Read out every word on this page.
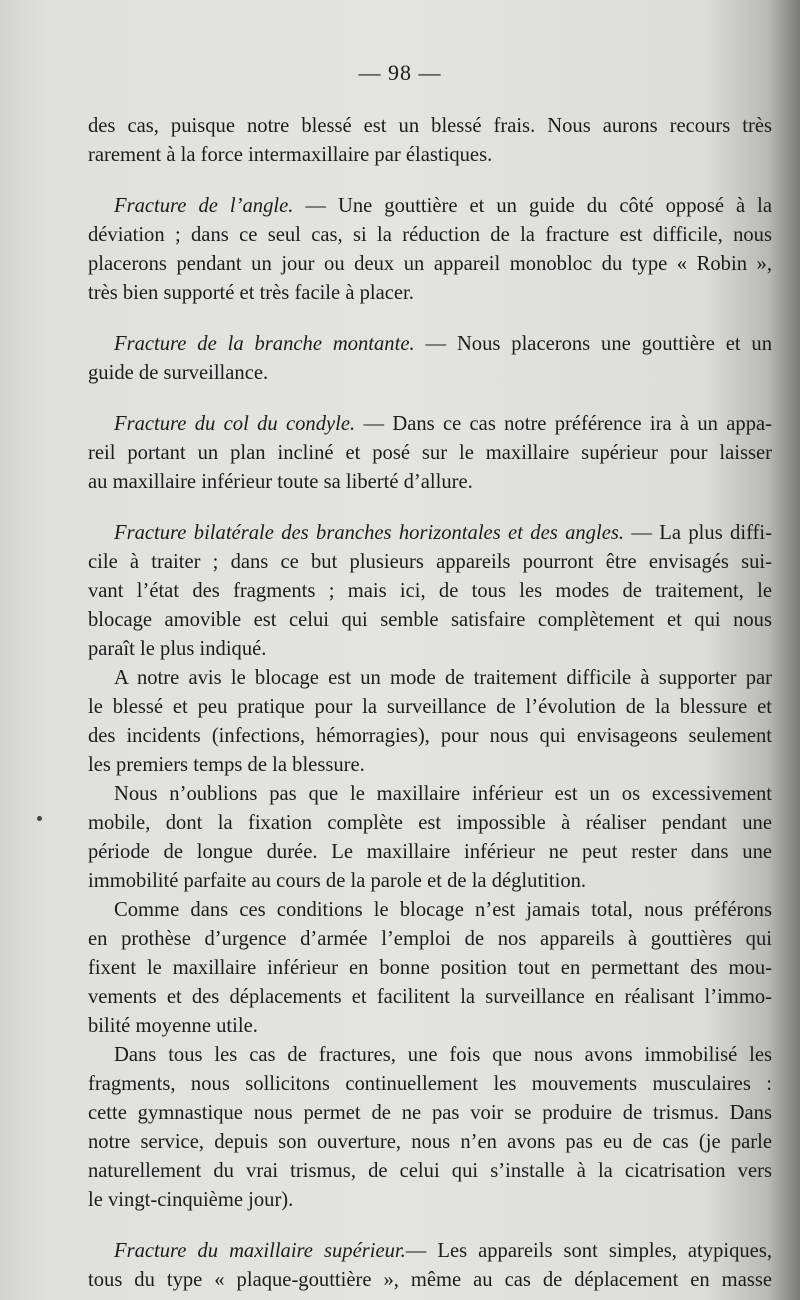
— 98 —

des cas, puisque notre blessé est un blessé frais. Nous aurons recours très
rarement à la force intermaxillaire par élastiques.

Fracture de l’angle. — Une gouttière et un guide du côté opposé à la
déviation ; dans ce seul cas, si la réduction de la fracture est difficile, nous
placerons pendant un jour ou deux un appareil monobloc du type « Robin »,
très bien supporté et très facile à placer.

Fracture de la branche montante. — Nous placerons une gouttière et un
guide de surveillance.

Fracture du col du condyle. — Dans ce cas notre préférence ira à un appa-
reil portant un plan incliné et posé sur le maxillaire supérieur pour laisser
au maxillaire inférieur toute sa liberté d’allure.

Fracture bilatérale des branches horizontales et des angles. — La plus diffi-
cile à traiter ; dans ce but plusieurs appareils pourront être envisagés sui-
vant l’état des fragments ; mais ici, de tous les modes de traitement, le
blocage amovible est celui qui semble satisfaire complètement et qui nous
paraît le plus indiqué.

A notre avis le blocage est un mode de traitement difficile à supporter par
le blessé et peu pratique pour la surveillance de l’évolution de la blessure et
des incidents (infections, hémorragies), pour nous qui envisageons seulement
les premiers temps de la blessure.

Nous n’oublions pas que le maxillaire inférieur est un os excessivement
mobile, dont la fixation complète est impossible à réaliser pendant une
période de longue durée. Le maxillaire inférieur ne peut rester dans une
immobilité parfaite au cours de la parole et de la déglutition.

Comme dans ces conditions le blocage n’est jamais total, nous préférons
en prothèse d’urgence d’armée l’emploi de nos appareils à gouttières qui
fixent le maxillaire inférieur en bonne position tout en permettant des mou-
vements et des déplacements et facilitent la surveillance en réalisant l’immo-
bilité moyenne utile.

Dans tous les cas de fractures, une fois que nous avons immobilisé les
fragments, nous sollicitons continuellement les mouvements musculaires :
cette gymnastique nous permet de ne pas voir se produire de trismus. Dans
notre service, depuis son ouverture, nous n’en avons pas eu de cas (je parle
naturellement du vrai trismus, de celui qui s’installe à la cicatrisation vers
le vingt-cinquième jour).

Fracture du maxillaire supérieur.— Les appareils sont simples, atypiques,
tous du type « plaque-gouttière », même au cas de déplacement en masse
